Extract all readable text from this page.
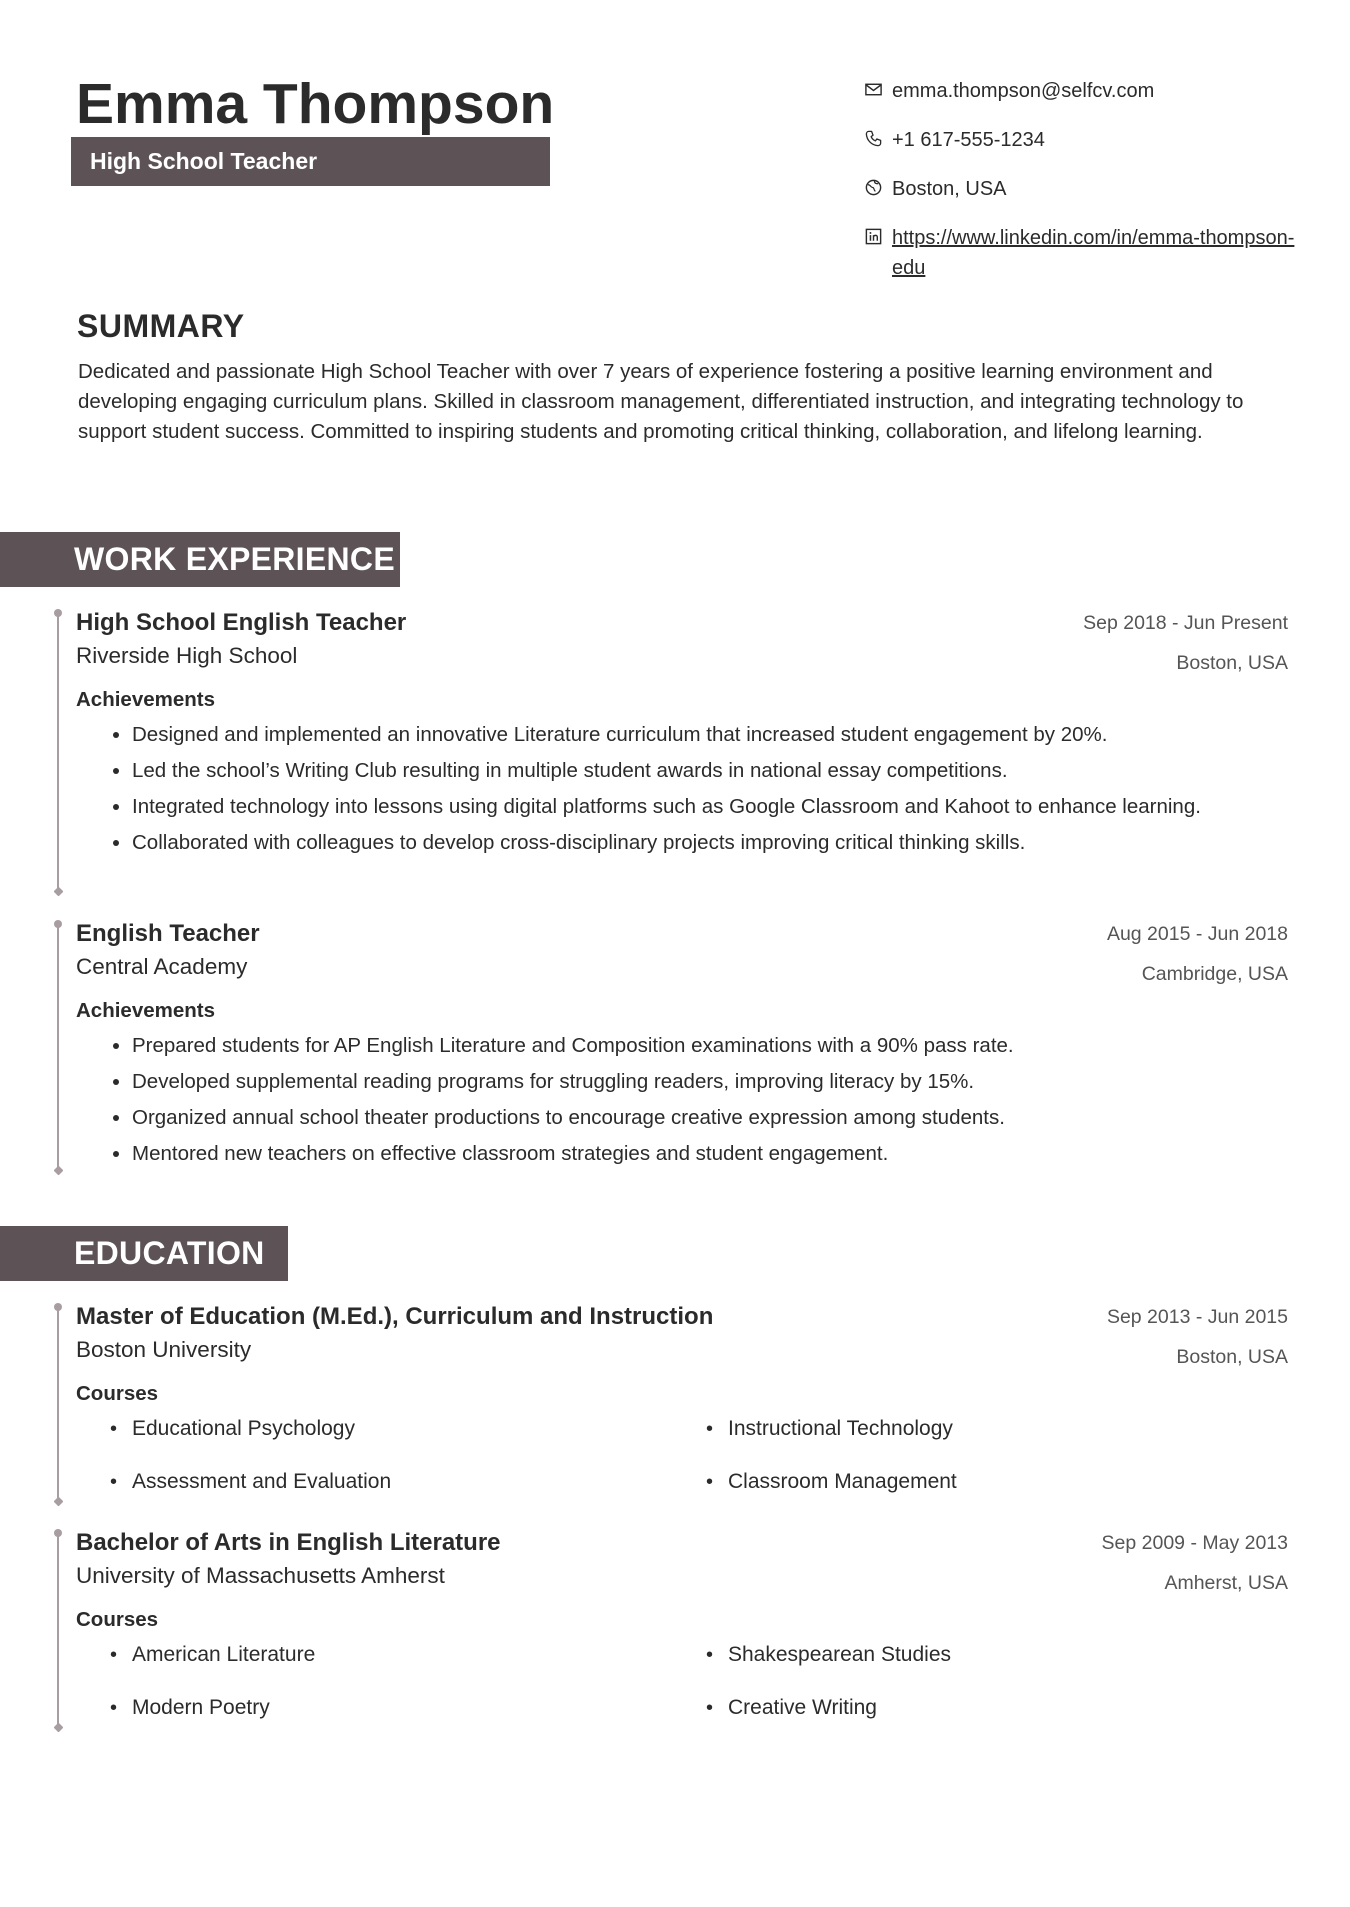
Emma Thompson
High School Teacher
emma.thompson@selfcv.com
+1 617-555-1234
Boston, USA
https://www.linkedin.com/in/emma-thompson-edu
SUMMARY

Dedicated and passionate High School Teacher with over 7 years of experience fostering a positive learning environment and developing engaging curriculum plans. Skilled in classroom management, differentiated instruction, and integrating technology to support student success. Committed to inspiring students and promoting critical thinking, collaboration, and lifelong learning.

WORK EXPERIENCE
High School English Teacher
Riverside High School
Sep 2018 - Jun Present
Boston, USA
Achievements
• Designed and implemented an innovative Literature curriculum that increased student engagement by 20%.
• Led the school’s Writing Club resulting in multiple student awards in national essay competitions.
• Integrated technology into lessons using digital platforms such as Google Classroom and Kahoot to enhance learning.
• Collaborated with colleagues to develop cross-disciplinary projects improving critical thinking skills.
English Teacher
Central Academy
Aug 2015 - Jun 2018
Cambridge, USA
Achievements
• Prepared students for AP English Literature and Composition examinations with a 90% pass rate.
• Developed supplemental reading programs for struggling readers, improving literacy by 15%.
• Organized annual school theater productions to encourage creative expression among students.
• Mentored new teachers on effective classroom strategies and student engagement.
EDUCATION
Master of Education (M.Ed.), Curriculum and Instruction
Boston University
Sep 2013 - Jun 2015
Boston, USA
Courses
• Educational Psychology	• Instructional Technology
• Assessment and Evaluation	• Classroom Management
Bachelor of Arts in English Literature
University of Massachusetts Amherst
Sep 2009 - May 2013
Amherst, USA
Courses
• American Literature	• Shakespearean Studies
• Modern Poetry	• Creative Writing
